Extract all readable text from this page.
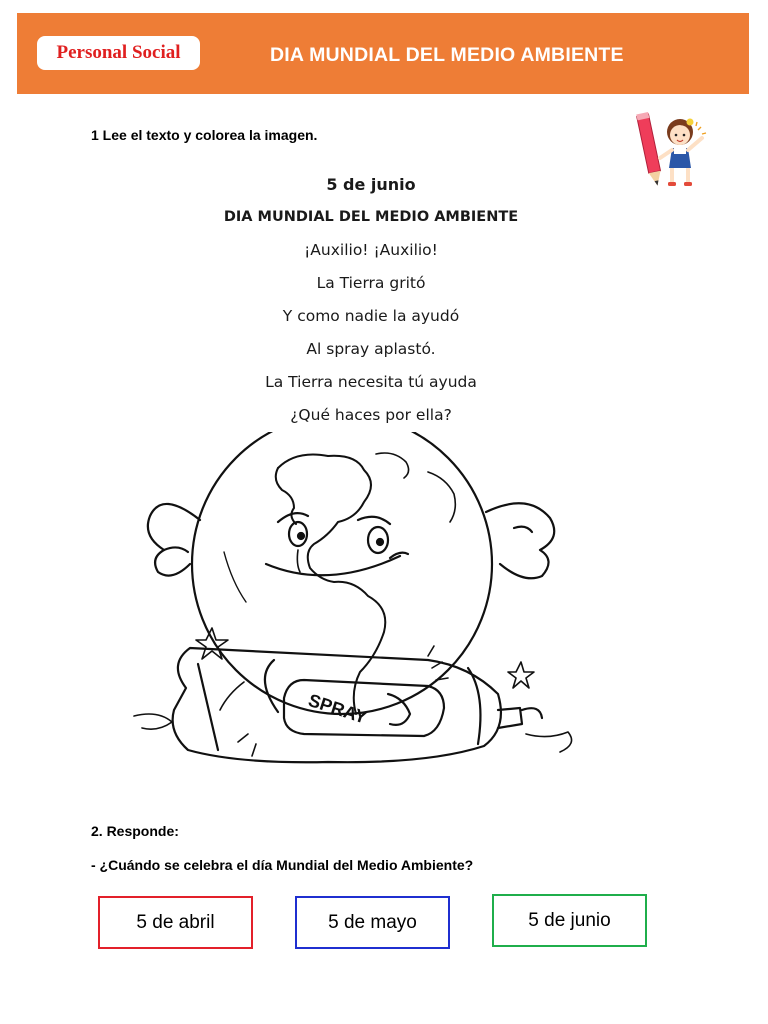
Personal Social	DIA MUNDIAL DEL MEDIO AMBIENTE
1 Lee el texto y colorea la imagen.
5 de junio
DIA MUNDIAL DEL MEDIO AMBIENTE
¡Auxilio! ¡Auxilio!
La Tierra gritó
Y como nadie la ayudó
Al spray aplastó.
La Tierra necesita tú ayuda
¿Qué haces por ella?
SPRAY
2. Responde:
- ¿Cuándo se celebra el día Mundial del Medio Ambiente?
5 de abril	5 de mayo	5 de junio
